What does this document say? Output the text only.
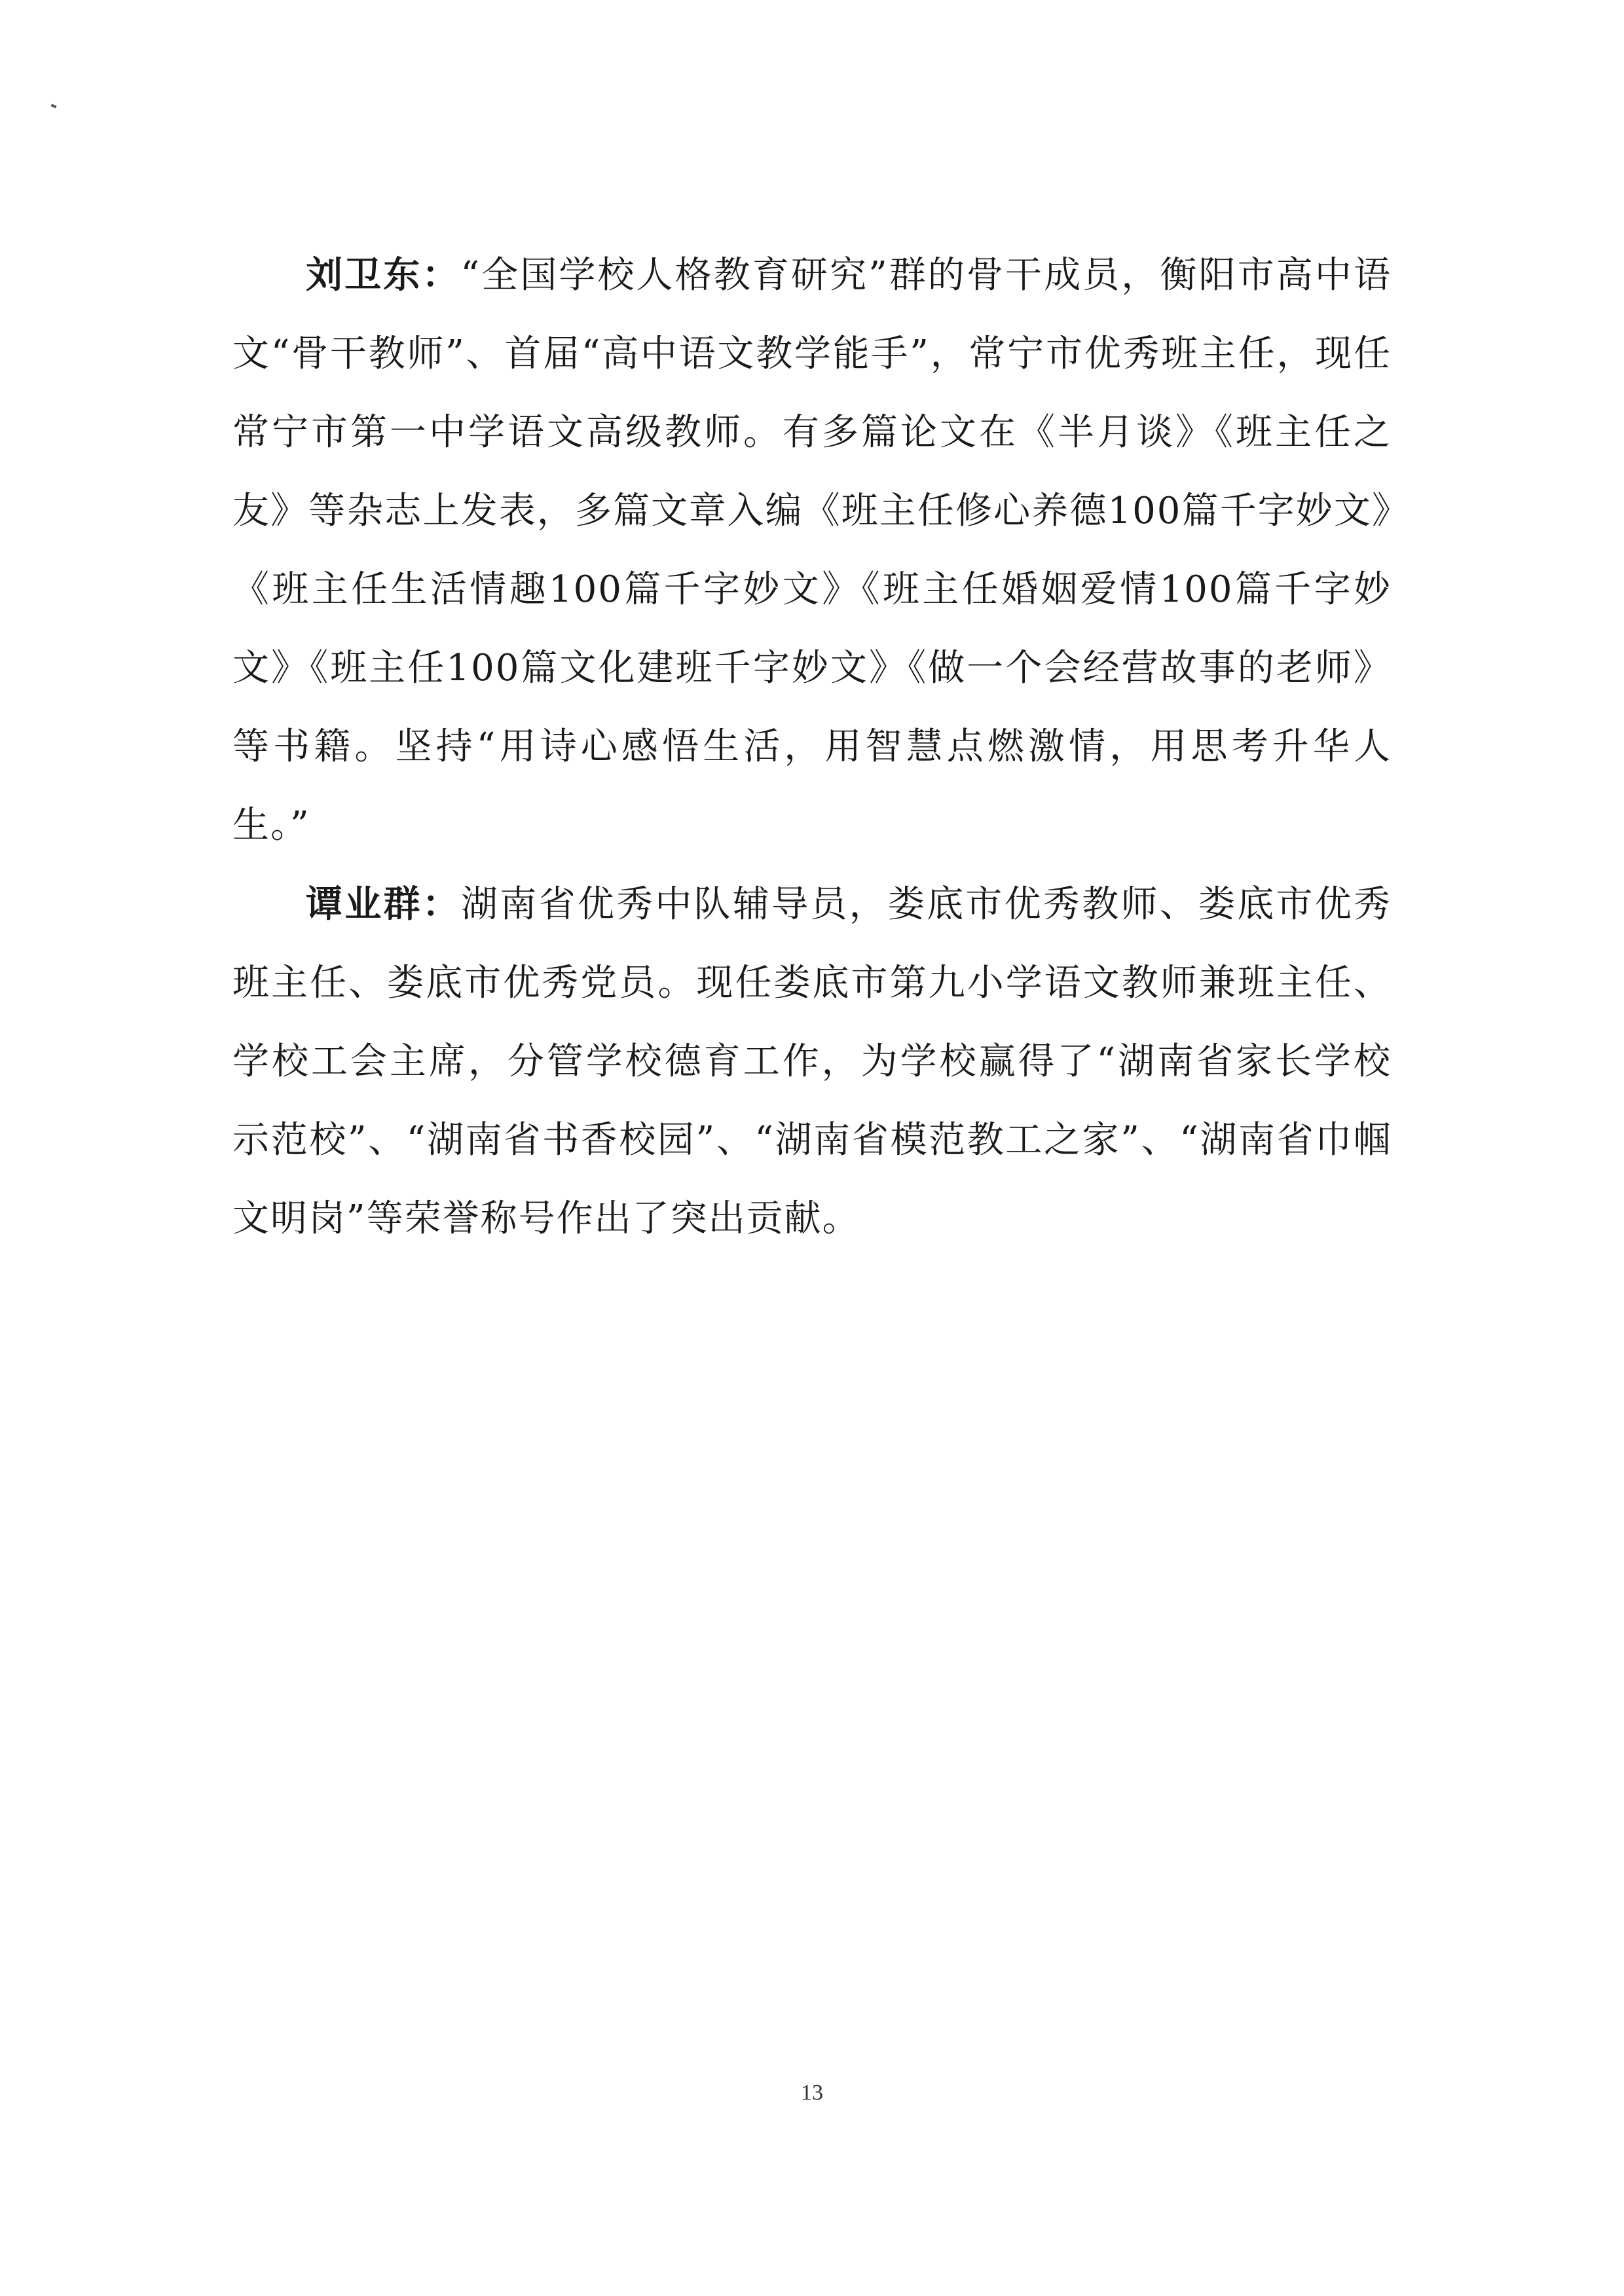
刘卫东：“全国学校人格教育研究”群的骨干成员，衡阳市高中语文“骨干教师”、首届“高中语文教学能手”，常宁市优秀班主任，现任常宁市第一中学语文高级教师。有多篇论文在《半月谈》《班主任之友》等杂志上发表，多篇文章入编《班主任修心养德100篇千字妙文》《班主任生活情趣100篇千字妙文》《班主任婚姻爱情100篇千字妙文》《班主任100篇文化建班千字妙文》《做一个会经营故事的老师》等书籍。坚持“用诗心感悟生活，用智慧点燃激情，用思考升华人生。”

谭业群：湖南省优秀中队辅导员，娄底市优秀教师、娄底市优秀班主任、娄底市优秀党员。现任娄底市第九小学语文教师兼班主任、学校工会主席，分管学校德育工作，为学校赢得了“湖南省家长学校示范校”、“湖南省书香校园”、“湖南省模范教工之家”、“湖南省巾帼文明岗”等荣誉称号作出了突出贡献。

13
